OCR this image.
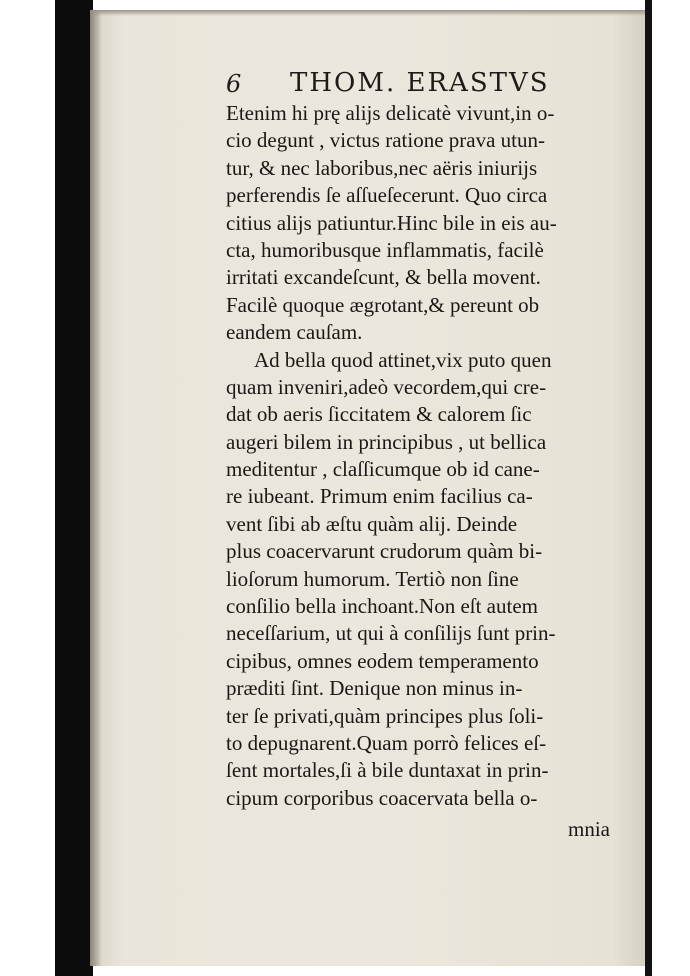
6 THOM. ERASTVS
Etenim hi prę alijs delicatè vivunt,in o-
cio degunt , victus ratione prava utun-
tur, & nec laboribus,nec aëris iniurijs
perferendis ſe aſſueſecerunt. Quo circa
citius alijs patiuntur.Hinc bile in eis au-
cta, humoribusque inflammatis, facilè
irritati excandeſcunt, & bella movent.
Facilè quoque ægrotant,& pereunt ob
eandem cauſam.
Ad bella quod attinet,vix puto quen
quam inveniri,adeò vecordem,qui cre-
dat ob aeris ſiccitatem & calorem ſic
augeri bilem in principibus , ut bellica
meditentur , claſſicumque ob id cane-
re iubeant. Primum enim facilius ca-
vent ſibi ab æſtu quàm alij. Deinde
plus coacervarunt crudorum quàm bi-
lioſorum humorum. Tertiò non ſine
conſilio bella inchoant.Non eſt autem
neceſſarium, ut qui à conſilijs ſunt prin-
cipibus, omnes eodem temperamento
præditi ſint. Denique non minus in-
ter ſe privati,quàm principes plus ſoli-
to depugnarent.Quam porrò felices eſ-
ſent mortales,ſi à bile duntaxat in prin-
cipum corporibus coacervata bella o-
mnia
